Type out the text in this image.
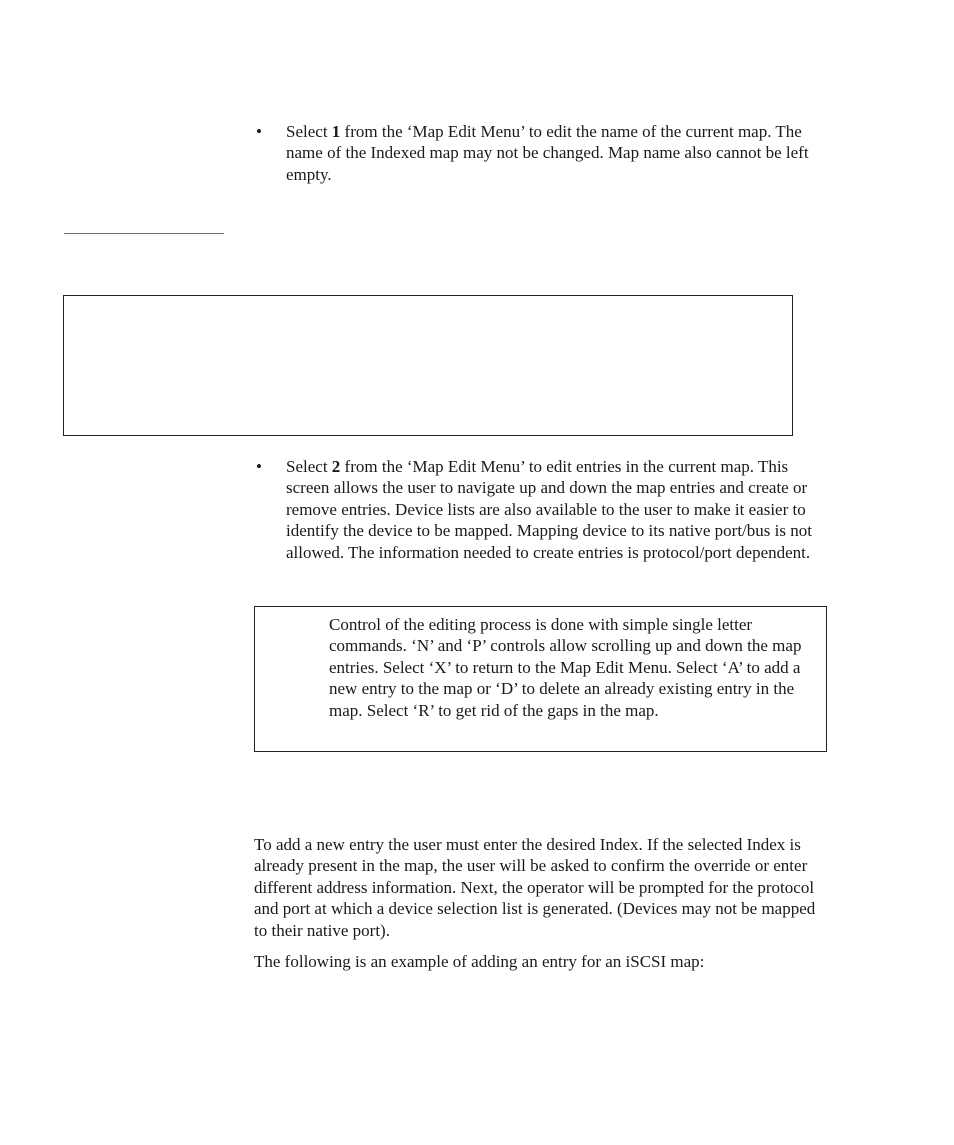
• Select 1 from the ‘Map Edit Menu’ to edit the name of the current map. The name of the Indexed map may not be changed. Map name also cannot be left empty.
• Select 2 from the ‘Map Edit Menu’ to edit entries in the current map. This screen allows the user to navigate up and down the map entries and create or remove entries. Device lists are also available to the user to make it easier to identify the device to be mapped. Mapping device to its native port/bus is not allowed. The information needed to create entries is protocol/port dependent.
Control of the editing process is done with simple single letter commands. ‘N’ and ‘P’ controls allow scrolling up and down the map entries. Select ‘X’ to return to the Map Edit Menu. Select ‘A’ to add a new entry to the map or ‘D’ to delete an already existing entry in the map. Select ‘R’ to get rid of the gaps in the map.

To add a new entry the user must enter the desired Index. If the selected Index is already present in the map, the user will be asked to confirm the override or enter different address information. Next, the operator will be prompted for the protocol and port at which a device selection list is generated. (Devices may not be mapped to their native port).

The following is an example of adding an entry for an iSCSI map:
